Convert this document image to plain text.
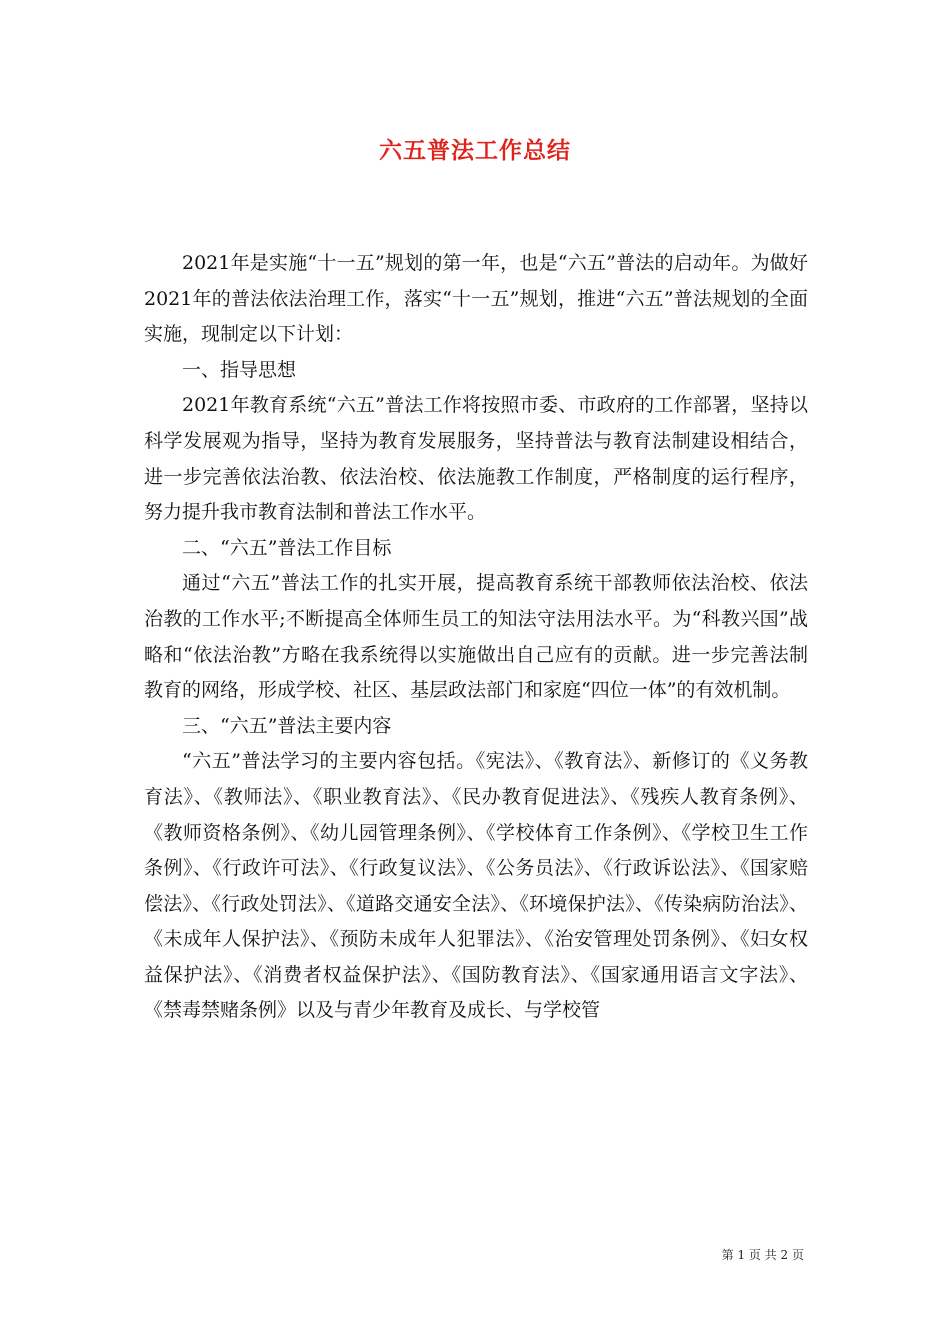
六五普法工作总结

2021年是实施“十一五”规划的第一年，也是“六五”普法的启动年。为做好2021年的普法依法治理工作，落实“十一五”规划，推进“六五”普法规划的全面实施，现制定以下计划：

一、指导思想

2021年教育系统“六五”普法工作将按照市委、市政府的工作部署，坚持以科学发展观为指导，坚持为教育发展服务，坚持普法与教育法制建设相结合，进一步完善依法治教、依法治校、依法施教工作制度，严格制度的运行程序，努力提升我市教育法制和普法工作水平。

二、“六五”普法工作目标

通过“六五”普法工作的扎实开展，提高教育系统干部教师依法治校、依法治教的工作水平;不断提高全体师生员工的知法守法用法水平。为“科教兴国”战略和“依法治教”方略在我系统得以实施做出自己应有的贡献。进一步完善法制教育的网络，形成学校、社区、基层政法部门和家庭“四位一体”的有效机制。

三、“六五”普法主要内容

“六五”普法学习的主要内容包括。《宪法》、《教育法》、新修订的《义务教育法》、《教师法》、《职业教育法》、《民办教育促进法》、《残疾人教育条例》、《教师资格条例》、《幼儿园管理条例》、《学校体育工作条例》、《学校卫生工作条例》、《行政许可法》、《行政复议法》、《公务员法》、《行政诉讼法》、《国家赔偿法》、《行政处罚法》、《道路交通安全法》、《环境保护法》、《传染病防治法》、《未成年人保护法》、《预防未成年人犯罪法》、《治安管理处罚条例》、《妇女权益保护法》、《消费者权益保护法》、《国防教育法》、《国家通用语言文字法》、《禁毒禁赌条例》以及与青少年教育及成长、与学校管

第 1 页 共 2 页
